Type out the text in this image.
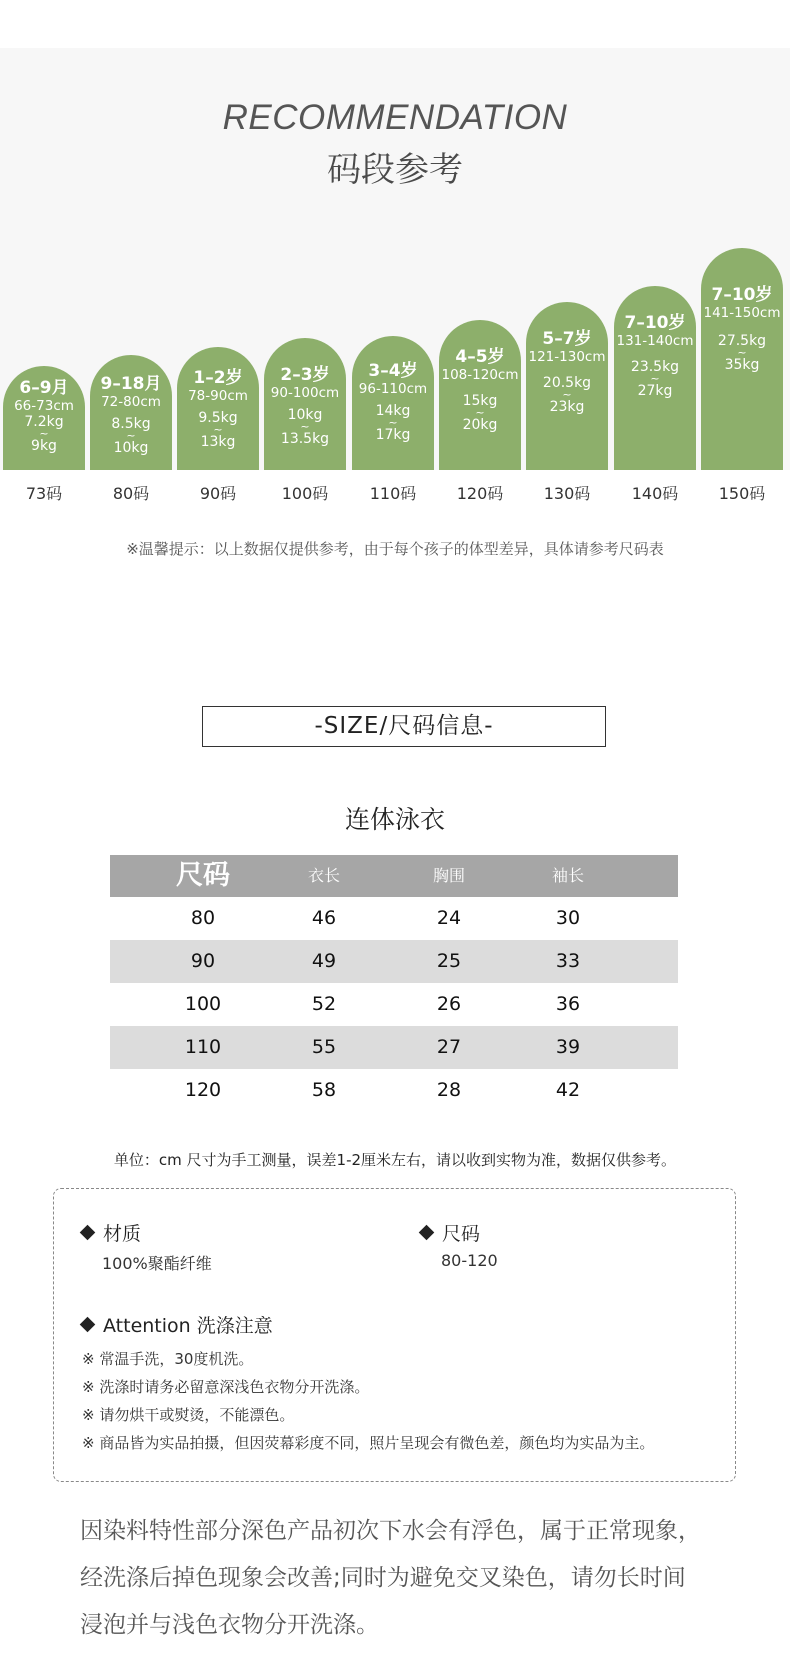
RECOMMENDATION
码段参考
6–9月
66-73cm
7.2kg
~
9kg
9–18月
72-80cm
8.5kg
~
10kg
1–2岁
78-90cm
9.5kg
~
13kg
2–3岁
90-100cm
10kg
~
13.5kg
3–4岁
96-110cm
14kg
~
17kg
4–5岁
108-120cm
15kg
~
20kg
5–7岁
121-130cm
20.5kg
~
23kg
7–10岁
131-140cm
23.5kg
~
27kg
7–10岁
141-150cm
27.5kg
~
35kg
73码	80码	90码	100码	110码	120码	130码	140码	150码
※温馨提示：以上数据仅提供参考，由于每个孩子的体型差异，具体请参考尺码表
-SIZE/尺码信息-
连体泳衣
尺码	衣长	胸围	袖长
80	46	24	30
90	49	25	33
100	52	26	36
110	55	27	39
120	58	28	42
单位：cm 尺寸为手工测量，误差1-2厘米左右，请以收到实物为准，数据仅供参考。
材质
100%聚酯纤维
尺码
80-120
Attention 洗涤注意
※ 常温手洗，30度机洗。
※ 洗涤时请务必留意深浅色衣物分开洗涤。
※ 请勿烘干或熨烫，不能漂色。
※ 商品皆为实品拍摄，但因荧幕彩度不同，照片呈现会有微色差，颜色均为实品为主。
因染料特性部分深色产品初次下水会有浮色，属于正常现象，
经洗涤后掉色现象会改善;同时为避免交叉染色，请勿长时间
浸泡并与浅色衣物分开洗涤。
